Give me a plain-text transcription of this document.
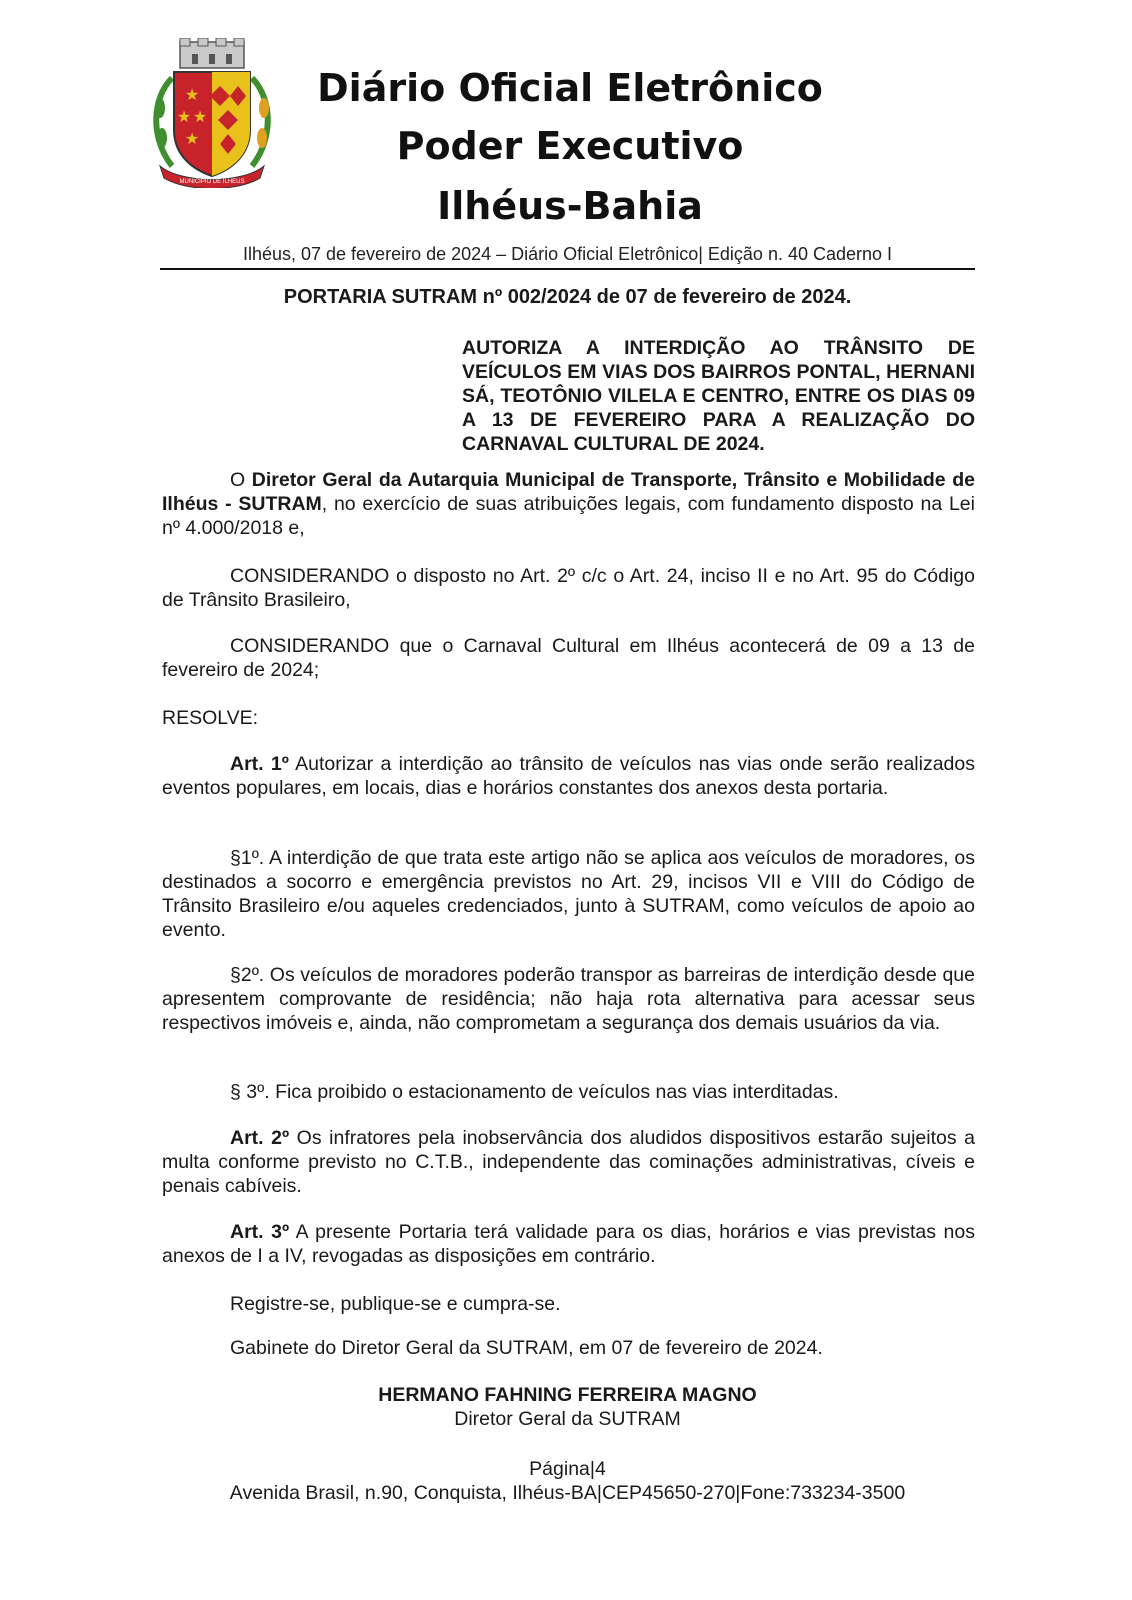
★
★ ★
★
MUNICIPIO DE ILHEUS
Diário Oficial Eletrônico
Poder Executivo
Ilhéus-Bahia
Ilhéus, 07 de fevereiro de 2024 – Diário Oficial Eletrônico| Edição n. 40 Caderno I
PORTARIA SUTRAM nº 002/2024 de 07 de fevereiro de 2024.
AUTORIZA A INTERDIÇÃO AO TRÂNSITO DE VEÍCULOS EM VIAS DOS BAIRROS PONTAL, HERNANI SÁ, TEOTÔNIO VILELA E CENTRO, ENTRE OS DIAS 09 A 13 DE FEVEREIRO PARA A REALIZAÇÃO DO CARNAVAL CULTURAL DE 2024.
O Diretor Geral da Autarquia Municipal de Transporte, Trânsito e Mobilidade de Ilhéus - SUTRAM, no exercício de suas atribuições legais, com fundamento disposto na Lei nº 4.000/2018 e,
CONSIDERANDO o disposto no Art. 2º c/c o Art. 24, inciso II e no Art. 95 do Código de Trânsito Brasileiro,
CONSIDERANDO que o Carnaval Cultural em Ilhéus acontecerá de 09 a 13 de fevereiro de 2024;
RESOLVE:
Art. 1º Autorizar a interdição ao trânsito de veículos nas vias onde serão realizados eventos populares, em locais, dias e horários constantes dos anexos desta portaria.
§1º. A interdição de que trata este artigo não se aplica aos veículos de moradores, os destinados a socorro e emergência previstos no Art. 29, incisos VII e VIII do Código de Trânsito Brasileiro e/ou aqueles credenciados, junto à SUTRAM, como veículos de apoio ao evento.
§2º. Os veículos de moradores poderão transpor as barreiras de interdição desde que apresentem comprovante de residência; não haja rota alternativa para acessar seus respectivos imóveis e, ainda, não comprometam a segurança dos demais usuários da via.
§ 3º. Fica proibido o estacionamento de veículos nas vias interditadas.
Art. 2º Os infratores pela inobservância dos aludidos dispositivos estarão sujeitos a multa conforme previsto no C.T.B., independente das cominações administrativas, cíveis e penais cabíveis.
Art. 3º A presente Portaria terá validade para os dias, horários e vias previstas nos anexos de I a IV, revogadas as disposições em contrário.
Registre-se, publique-se e cumpra-se.
Gabinete do Diretor Geral da SUTRAM, em 07 de fevereiro de 2024.
HERMANO FAHNING FERREIRA MAGNO
Diretor Geral da SUTRAM
Página|4
Avenida Brasil, n.90, Conquista, Ilhéus-BA|CEP45650-270|Fone:733234-3500
